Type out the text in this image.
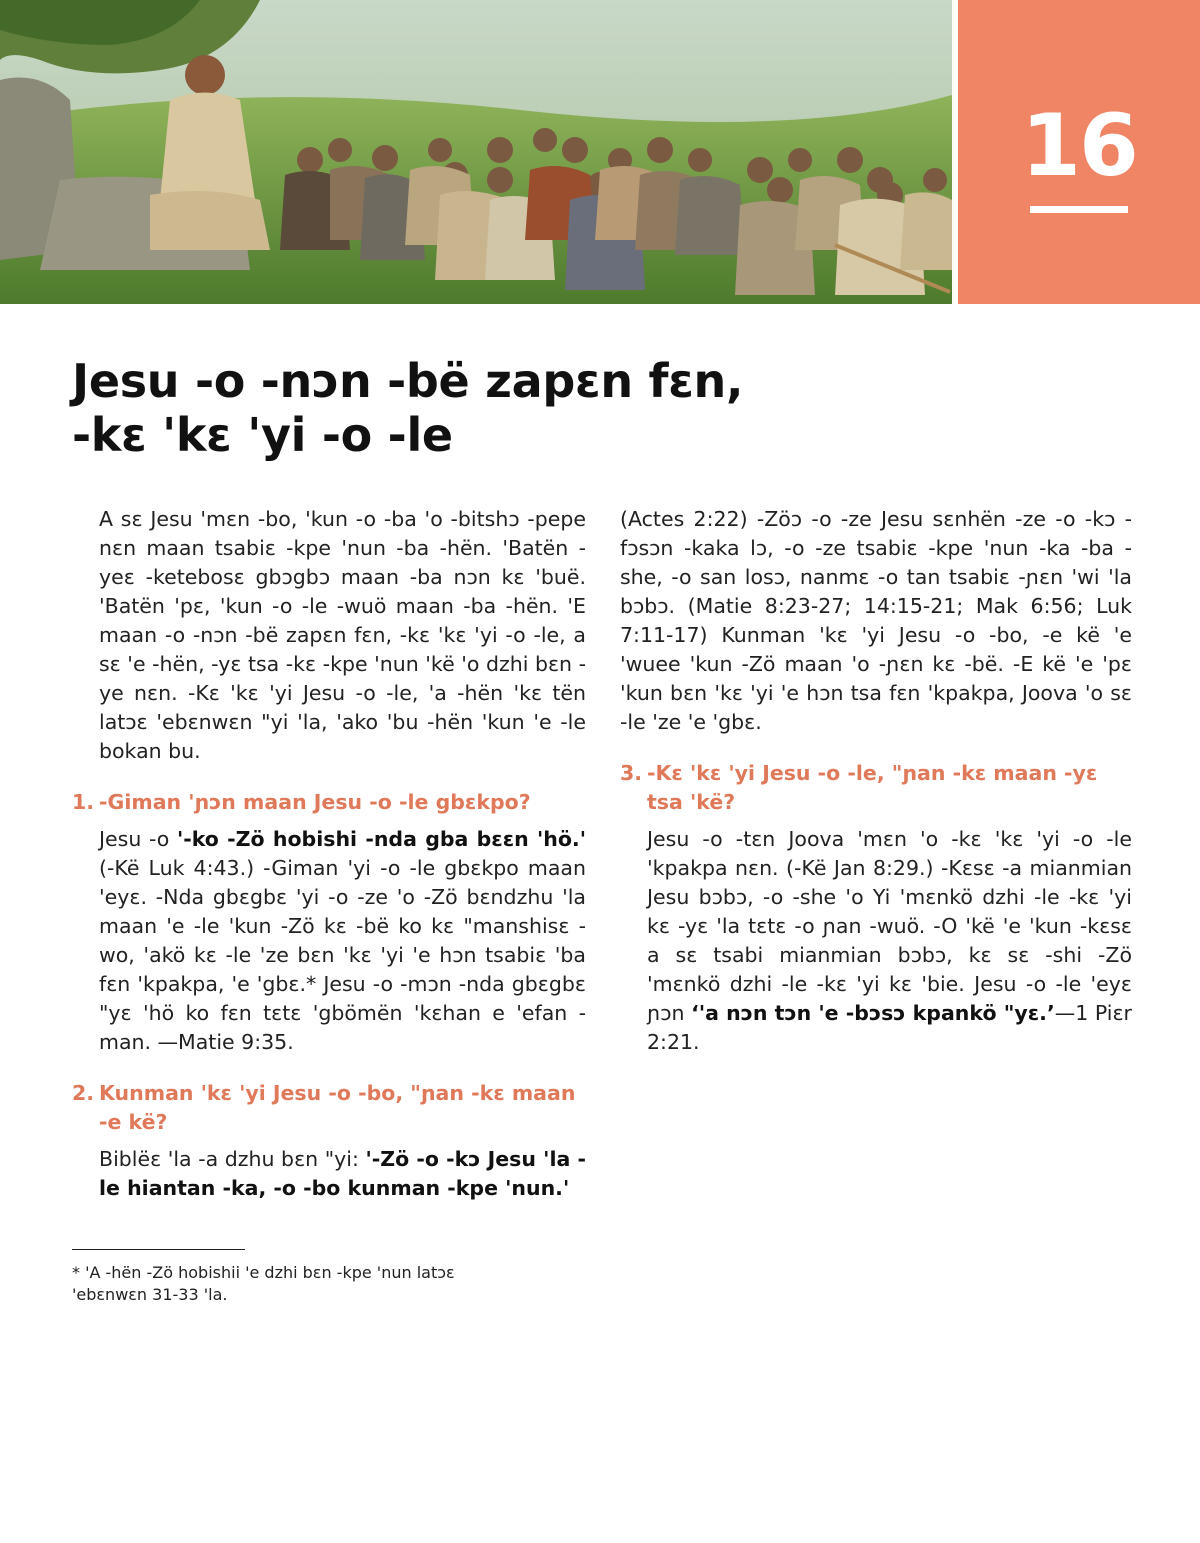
16
Jesu -o -nɔn -bë zapɛn fɛn,
-kɛ 'kɛ 'yi -o -le

A sɛ Jesu 'mɛn -bo, 'kun -o -ba 'o -bitshɔ -pepe nɛn maan tsabiɛ -kpe 'nun -ba -hën. 'Batën -yeɛ -ketebosɛ gbɔgbɔ maan -ba nɔn kɛ 'buë. 'Batën 'pɛ, 'kun -o -le -wuö maan -ba -hën. 'E maan -o -nɔn -bë zapɛn fɛn, -kɛ 'kɛ 'yi -o -le, a sɛ 'e -hën, -yɛ tsa -kɛ -kpe 'nun 'kë 'o dzhi bɛn -ye nɛn. -Kɛ 'kɛ 'yi Jesu -o -le, 'a -hën 'kɛ tën latɔɛ 'ebɛnwɛn "yi 'la, 'ako 'bu -hën 'kun 'e -le bokan bu.

1. -Giman 'ɲɔn maan Jesu -o -le gbɛkpo?

Jesu -o '-ko -Zö hobishi -nda gba bɛɛn 'hö.' (-Kë Luk 4:43.) -Giman 'yi -o -le gbɛkpo maan 'eyɛ. -Nda gbɛgbɛ 'yi -o -ze 'o -Zö bɛndzhu 'la maan 'e -le 'kun -Zö kɛ -bë ko kɛ "manshisɛ -wo, 'akö kɛ -le 'ze bɛn 'kɛ 'yi 'e hɔn tsabiɛ 'ba fɛn 'kpakpa, 'e 'gbɛ.* Jesu -o -mɔn -nda gbɛgbɛ "yɛ 'hö ko fɛn tɛtɛ 'gbömën 'kɛhan e 'efan -man. —Matie 9:35.

2. Kunman 'kɛ 'yi Jesu -o -bo, "ɲan -kɛ maan -e kë?

Biblëɛ 'la -a dzhu bɛn "yi: '-Zö -o -kɔ Jesu 'la -le hiantan -ka, -o -bo kunman -kpe 'nun.'

* 'A -hën -Zö hobishii 'e dzhi bɛn -kpe 'nun latɔɛ 'ebɛnwɛn 31-33 'la.

(Actes 2:22) -Zöɔ -o -ze Jesu sɛnhën -ze -o -kɔ -fɔsɔn -kaka lɔ, -o -ze tsabiɛ -kpe 'nun -ka -ba -she, -o san losɔ, nanmɛ -o tan tsabiɛ -ɲɛn 'wi 'la bɔbɔ. (Matie 8:23-27; 14:15-21; Mak 6:56; Luk 7:11-17) Kunman 'kɛ 'yi Jesu -o -bo, -e kë 'e 'wuee 'kun -Zö maan 'o -ɲɛn kɛ -bë. -E kë 'e 'pɛ 'kun bɛn 'kɛ 'yi 'e hɔn tsa fɛn 'kpakpa, Joova 'o sɛ -le 'ze 'e 'gbɛ.

3. -Kɛ 'kɛ 'yi Jesu -o -le, "ɲan -kɛ maan -yɛ tsa 'kë?

Jesu -o -tɛn Joova 'mɛn 'o -kɛ 'kɛ 'yi -o -le 'kpakpa nɛn. (-Kë Jan 8:29.) -Kɛsɛ -a mianmian Jesu bɔbɔ, -o -she 'o Yi 'mɛnkö dzhi -le -kɛ 'yi kɛ -yɛ 'la tɛtɛ -o ɲan -wuö. -O 'kë 'e 'kun -kɛsɛ a sɛ tsabi mianmian bɔbɔ, kɛ sɛ -shi -Zö 'mɛnkö dzhi -le -kɛ 'yi kɛ 'bie. Jesu -o -le 'eyɛ ɲɔn ‘'a nɔn tɔn 'e -bɔsɔ kpankö "yɛ.’—1 Piɛr 2:21.
